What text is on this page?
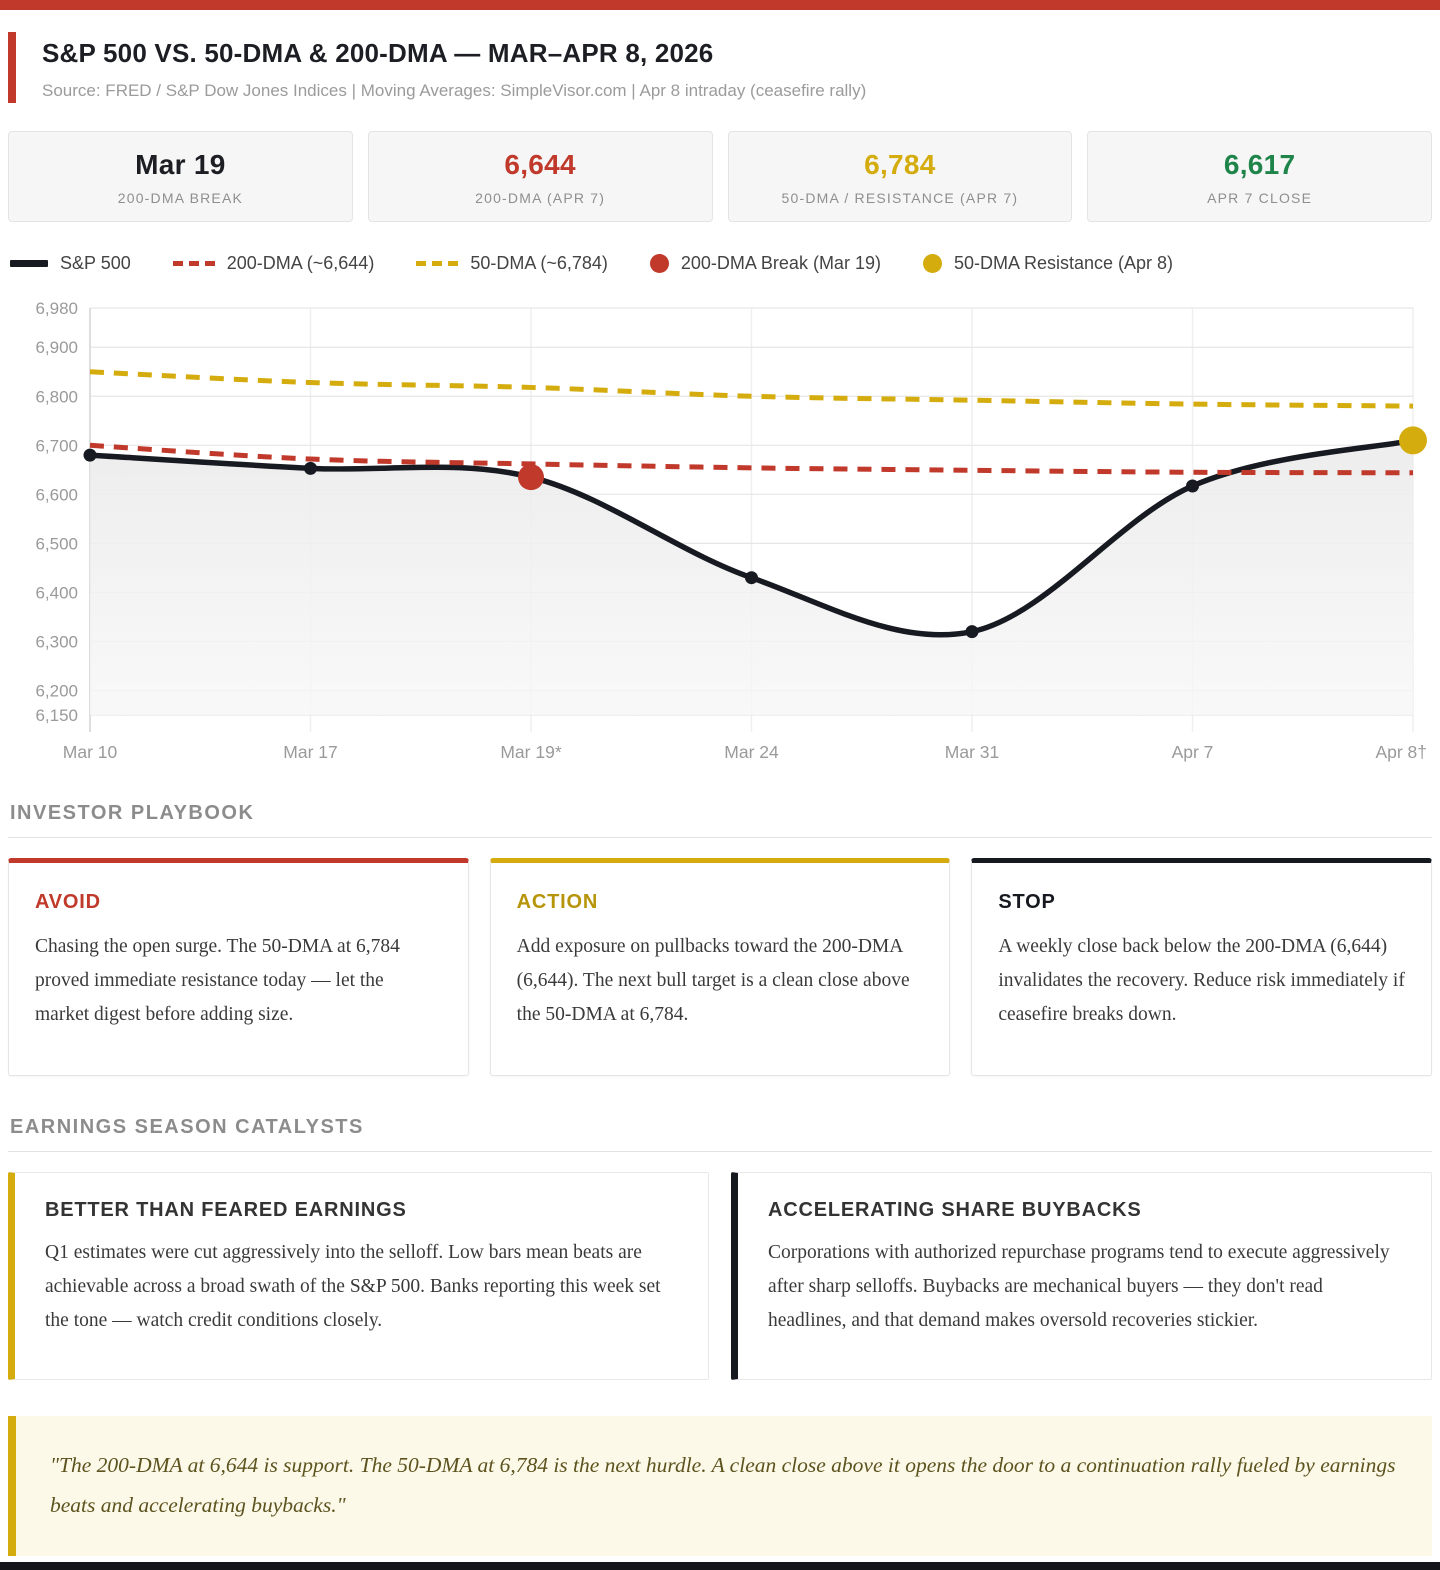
S&P 500 VS. 50-DMA & 200-DMA — MAR–APR 8, 2026
Source: FRED / S&P Dow Jones Indices | Moving Averages: SimpleVisor.com | Apr 8 intraday (ceasefire rally)
Mar 19
200-DMA BREAK
6,644
200-DMA (APR 7)
6,784
50-DMA / RESISTANCE (APR 7)
6,617
APR 7 CLOSE
S&P 500	200-DMA (~6,644)	50-DMA (~6,784)	200-DMA Break (Mar 19)	50-DMA Resistance (Apr 8)
6,980
6,900
6,800
6,700
6,600
6,500
6,400
6,300
6,200
6,150
Mar 10	Mar 17	Mar 19*	Mar 24	Mar 31	Apr 7	Apr 8†
INVESTOR PLAYBOOK
AVOID
Chasing the open surge. The 50-DMA at 6,784 proved immediate resistance today — let the market digest before adding size.
ACTION
Add exposure on pullbacks toward the 200-DMA (6,644). The next bull target is a clean close above the 50-DMA at 6,784.
STOP
A weekly close back below the 200-DMA (6,644) invalidates the recovery. Reduce risk immediately if ceasefire breaks down.
EARNINGS SEASON CATALYSTS
BETTER THAN FEARED EARNINGS
Q1 estimates were cut aggressively into the selloff. Low bars mean beats are achievable across a broad swath of the S&P 500. Banks reporting this week set the tone — watch credit conditions closely.
ACCELERATING SHARE BUYBACKS
Corporations with authorized repurchase programs tend to execute aggressively after sharp selloffs. Buybacks are mechanical buyers — they don't read headlines, and that demand makes oversold recoveries stickier.

"The 200-DMA at 6,644 is support. The 50-DMA at 6,784 is the next hurdle. A clean close above it opens the door to a continuation rally fueled by earnings beats and accelerating buybacks."
